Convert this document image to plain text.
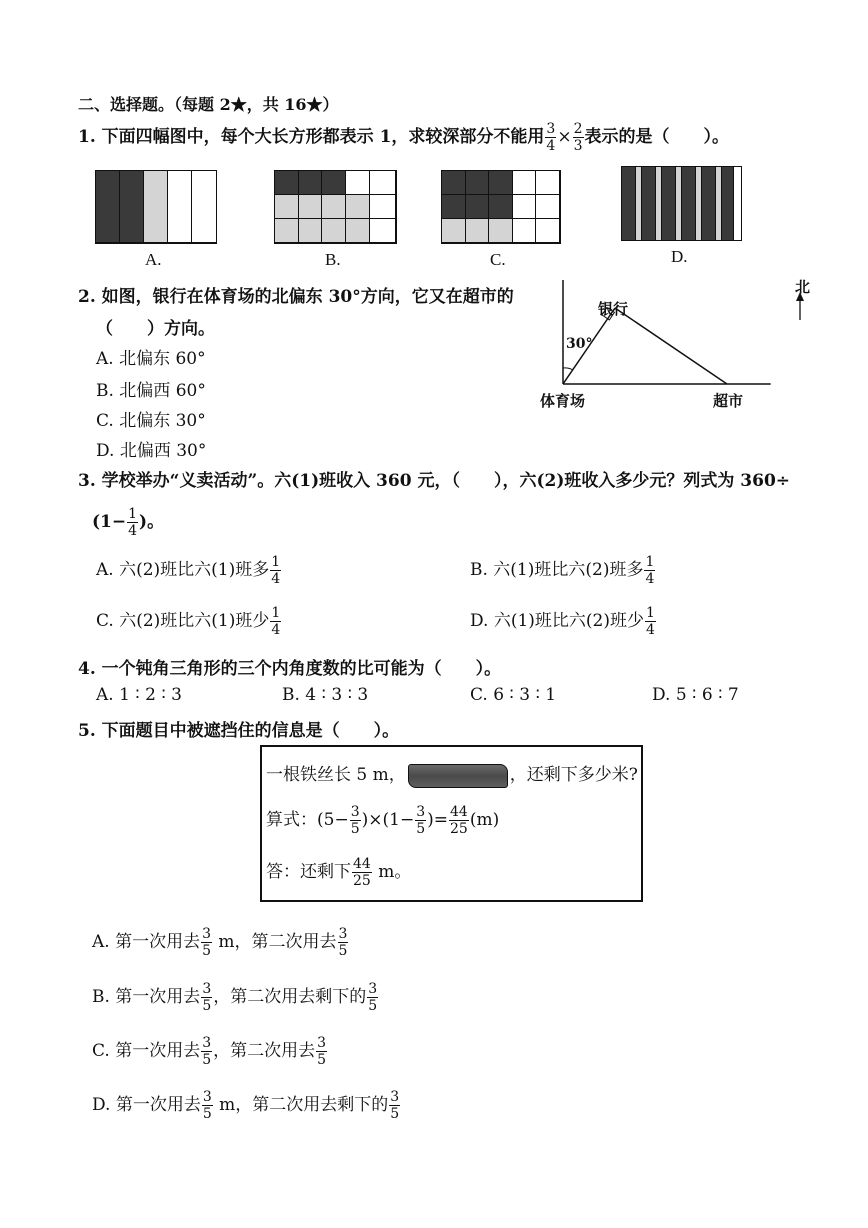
二、选择题。（每题 2★，共 16★）
1. 下面四幅图中，每个大长方形都表示 1，求较深部分不能用 $\frac{3}{4} \times \frac{2}{3}$ 表示的是（　　）。
A.	B.	C.	D.
2. 如图，银行在体育场的北偏东 30°方向，它又在超市的
（　　）方向。
A. 北偏东 60°
B. 北偏西 60°
C. 北偏东 30°
D. 北偏西 30°
北
银行
30°
体育场	超市
3. 学校举办“义卖活动”。六(1)班收入 360 元，（　　），六(2)班收入多少元？列式为 360÷
($1- \frac{1}{4}$ )。
A. 六(2)班比六(1)班多 $\frac{1}{4}$	B. 六(1)班比六(2)班多 $\frac{1}{4}$
C. 六(2)班比六(1)班少 $\frac{1}{4}$	D. 六(1)班比六(2)班少 $\frac{1}{4}$
4. 一个钝角三角形的三个内角度数的比可能为（　　）。
A. 1 ∶ 2 ∶ 3	B. 4 ∶ 3 ∶ 3	C. 6 ∶ 3 ∶ 1	D. 5 ∶ 6 ∶ 7
5. 下面题目中被遮挡住的信息是（　　）。
一根铁丝长 5 m，	，还剩下多少米?
算式：$(5- \frac{3}{5} )\times(1- \frac{3}{5}$ )= $\frac{44}{25} (m)$
答：还剩下 $\frac{44}{25}$ m。
A. 第一次用去 $\frac{3}{5}$ m，第二次用去 $\frac{3}{5}$
B. 第一次用去 $\frac{3}{5}$ ，第二次用去剩下的 $\frac{3}{5}$
C. 第一次用去 $\frac{3}{5}$ ，第二次用去 $\frac{3}{5}$
D. 第一次用去 $\frac{3}{5}$ m，第二次用去剩下的 $\frac{3}{5}$
